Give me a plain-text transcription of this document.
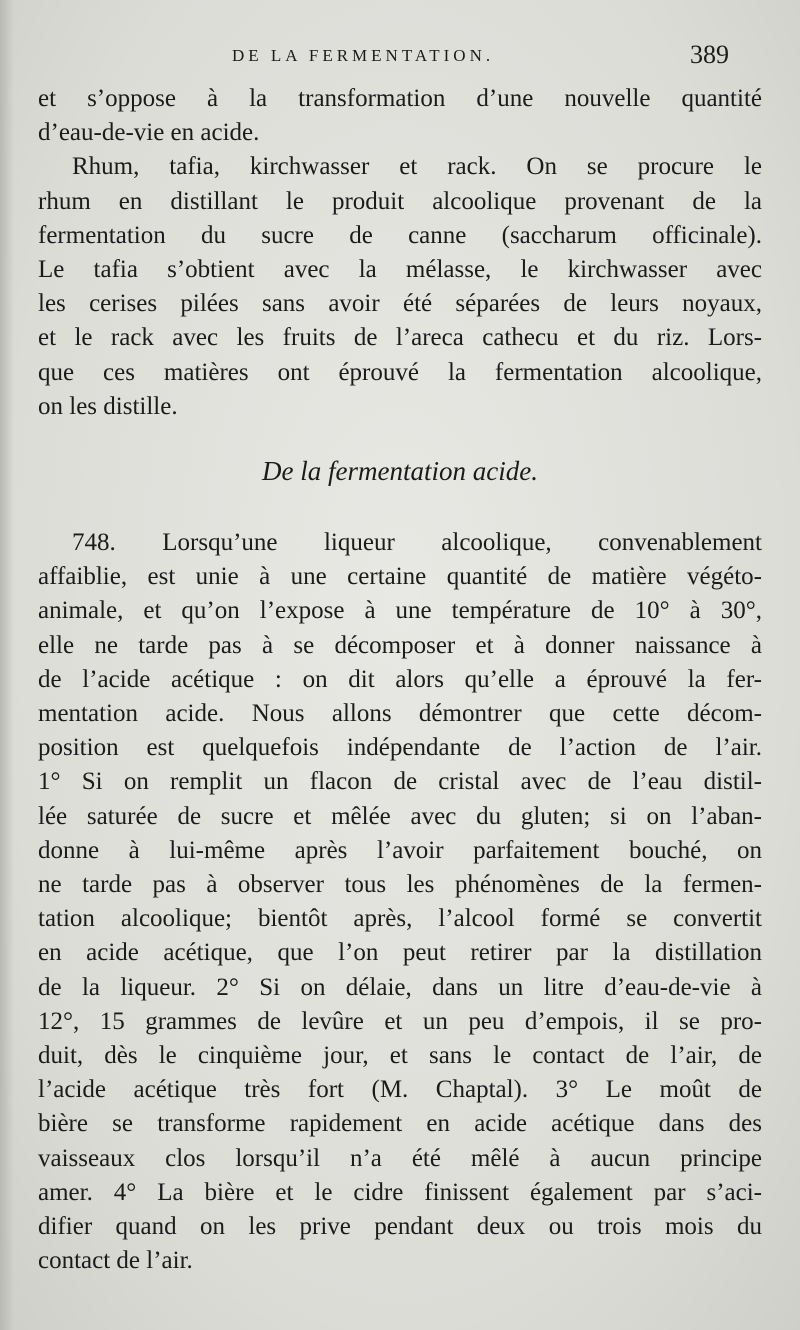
DE LA FERMENTATION.	389
et s’oppose à la transformation d’une nouvelle quantité
d’eau-de-vie en acide.
Rhum, tafia, kirchwasser et rack. On se procure le
rhum en distillant le produit alcoolique provenant de la
fermentation du sucre de canne (saccharum officinale).
Le tafia s’obtient avec la mélasse, le kirchwasser avec
les cerises pilées sans avoir été séparées de leurs noyaux,
et le rack avec les fruits de l’areca cathecu et du riz. Lors-
que ces matières ont éprouvé la fermentation alcoolique,
on les distille.
De la fermentation acide.
748. Lorsqu’une liqueur alcoolique, convenablement
affaiblie, est unie à une certaine quantité de matière végéto-
animale, et qu’on l’expose à une température de 10° à 30°,
elle ne tarde pas à se décomposer et à donner naissance à
de l’acide acétique : on dit alors qu’elle a éprouvé la fer-
mentation acide. Nous allons démontrer que cette décom-
position est quelquefois indépendante de l’action de l’air.
1° Si on remplit un flacon de cristal avec de l’eau distil-
lée saturée de sucre et mêlée avec du gluten; si on l’aban-
donne à lui-même après l’avoir parfaitement bouché, on
ne tarde pas à observer tous les phénomènes de la fermen-
tation alcoolique; bientôt après, l’alcool formé se convertit
en acide acétique, que l’on peut retirer par la distillation
de la liqueur. 2° Si on délaie, dans un litre d’eau-de-vie à
12°, 15 grammes de levûre et un peu d’empois, il se pro-
duit, dès le cinquième jour, et sans le contact de l’air, de
l’acide acétique très fort (M. Chaptal). 3° Le moût de
bière se transforme rapidement en acide acétique dans des
vaisseaux clos lorsqu’il n’a été mêlé à aucun principe
amer. 4° La bière et le cidre finissent également par s’aci-
difier quand on les prive pendant deux ou trois mois du
contact de l’air.
